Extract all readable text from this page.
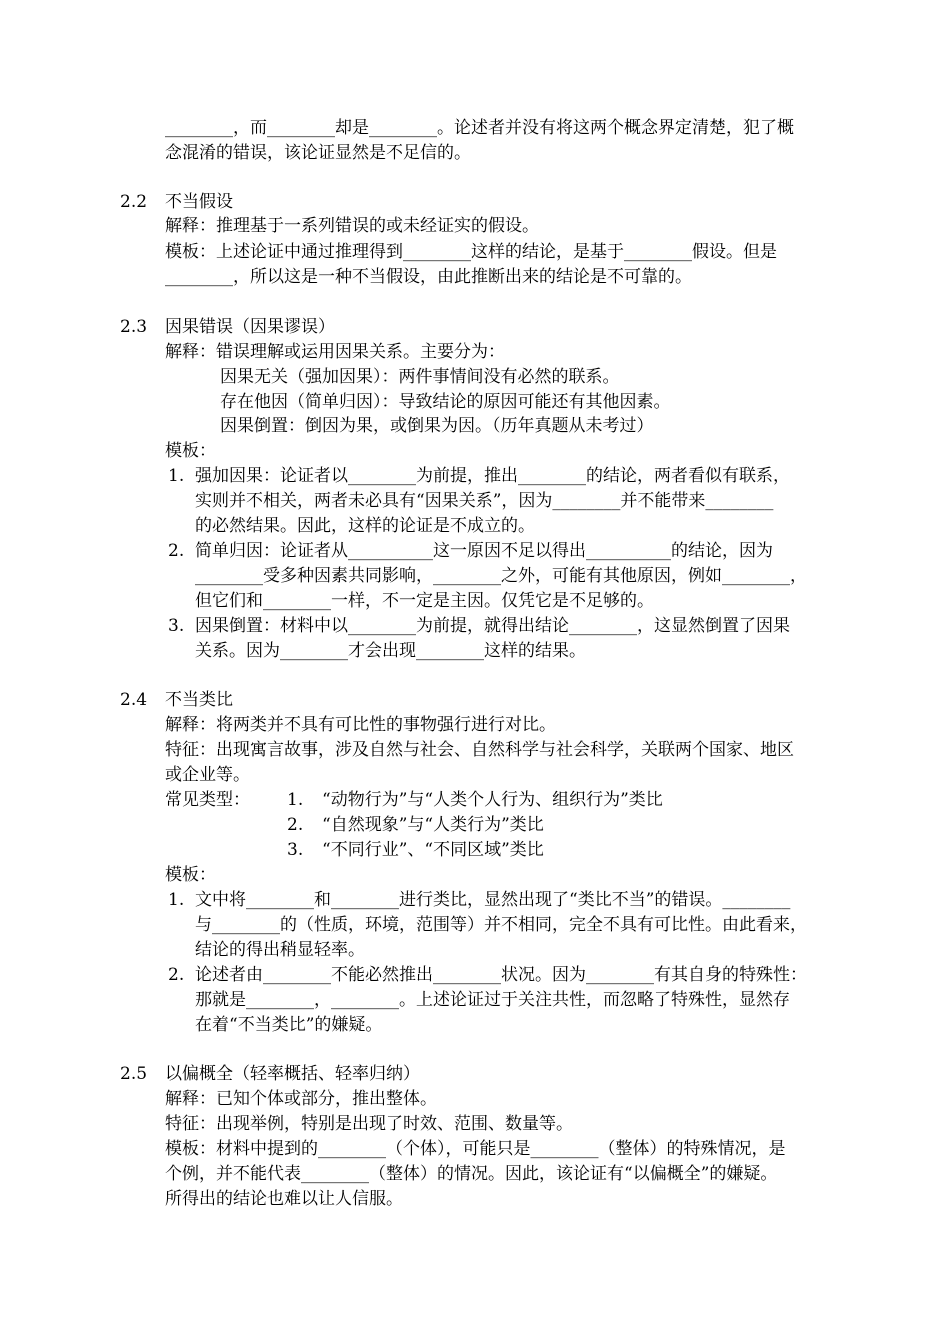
________，而________却是________。论述者并没有将这两个概念界定清楚，犯了概
念混淆的错误，该论证显然是不足信的。
2.2 不当假设
解释：推理基于一系列错误的或未经证实的假设。
模板：上述论证中通过推理得到________这样的结论，是基于________假设。但是
________，所以这是一种不当假设，由此推断出来的结论是不可靠的。
2.3 因果错误（因果谬误）
解释：错误理解或运用因果关系。主要分为：
因果无关（强加因果）：两件事情间没有必然的联系。
存在他因（简单归因）：导致结论的原因可能还有其他因素。
因果倒置：倒因为果，或倒果为因。（历年真题从未考过）
模板：
1. 强加因果：论证者以________为前提，推出________的结论，两者看似有联系，
实则并不相关，两者未必具有“因果关系”，因为________并不能带来________
的必然结果。因此，这样的论证是不成立的。
2. 简单归因：论证者从__________这一原因不足以得出__________的结论，因为
________受多种因素共同影响，________之外，可能有其他原因，例如________，
但它们和________一样，不一定是主因。仅凭它是不足够的。
3. 因果倒置：材料中以________为前提，就得出结论________，这显然倒置了因果
关系。因为________才会出现________这样的结果。
2.4 不当类比
解释：将两类并不具有可比性的事物强行进行对比。
特征：出现寓言故事，涉及自然与社会、自然科学与社会科学，关联两个国家、地区
或企业等。
常见类型： 1. “动物行为”与“人类个人行为、组织行为”类比
2. “自然现象”与“人类行为”类比
3. “不同行业”、“不同区域”类比
模板：
1. 文中将________和________进行类比，显然出现了“类比不当”的错误。________
与________的（性质，环境，范围等）并不相同，完全不具有可比性。由此看来，
结论的得出稍显轻率。
2. 论述者由________不能必然推出________状况。因为________有其自身的特殊性：
那就是________，________。上述论证过于关注共性，而忽略了特殊性，显然存
在着“不当类比”的嫌疑。
2.5 以偏概全（轻率概括、轻率归纳）
解释：已知个体或部分，推出整体。
特征：出现举例，特别是出现了时效、范围、数量等。
模板：材料中提到的________（个体），可能只是________（整体）的特殊情况，是
个例，并不能代表________（整体）的情况。因此，该论证有“以偏概全”的嫌疑。
所得出的结论也难以让人信服。
